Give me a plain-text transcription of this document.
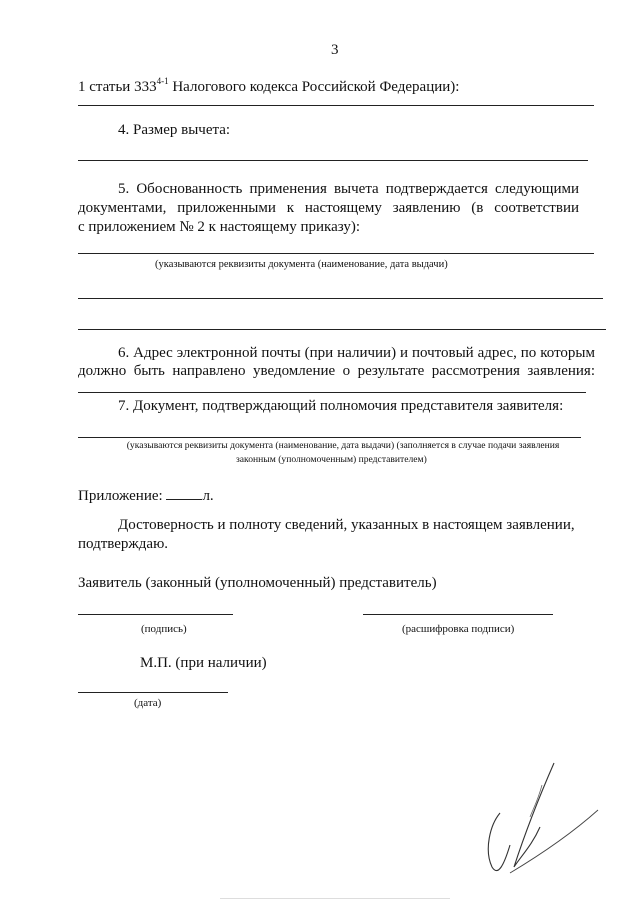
3
1 статьи 333$^{4-1}$ Налогового кодекса Российской Федерации):
4. Размер вычета:
5. Обоснованность применения вычета подтверждается следующими
документами, приложенными к настоящему заявлению (в соответствии
с приложением № 2 к настоящему приказу):
(указываются реквизиты документа (наименование, дата выдачи)
6. Адрес электронной почты (при наличии) и почтовый адрес, по которым
должно быть направлено уведомление о результате рассмотрения заявления:
7. Документ, подтверждающий полномочия представителя заявителя:
(указываются реквизиты документа (наименование, дата выдачи) (заполняется в случае подачи заявления
законным (уполномоченным) представителем)
Приложение: л.
Достоверность и полноту сведений, указанных в настоящем заявлении,
подтверждаю.
Заявитель (законный (уполномоченный) представитель)
(подпись)	(расшифровка подписи)
М.П. (при наличии)
(дата)
